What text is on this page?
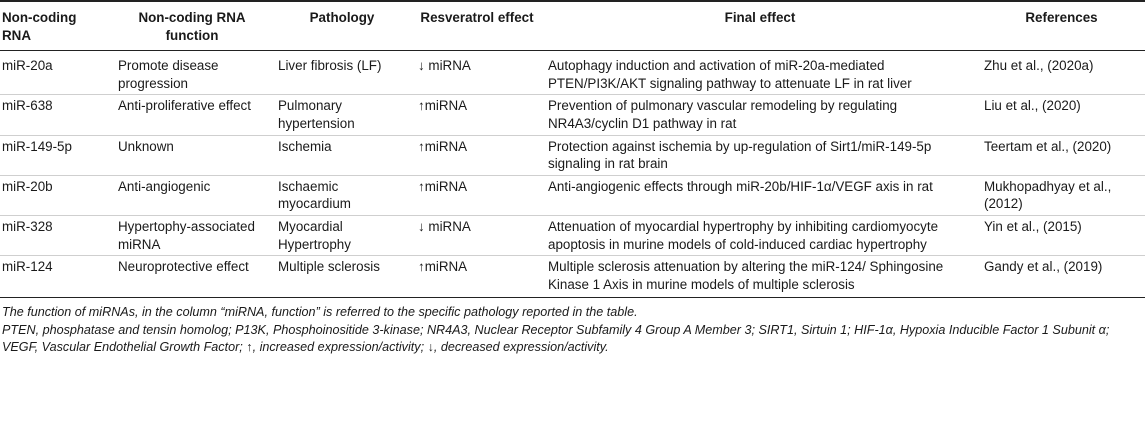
Non-coding RNA	Non-coding RNA function	Pathology	Resveratrol effect	Final effect	References
miR-20a	Promote disease progression	Liver fibrosis (LF)	↓ miRNA	Autophagy induction and activation of miR-20a-mediated PTEN/PI3K/AKT signaling pathway to attenuate LF in rat liver	Zhu et al., (2020a)
miR-638	Anti-proliferative effect	Pulmonary hypertension	↑miRNA	Prevention of pulmonary vascular remodeling by regulating NR4A3/cyclin D1 pathway in rat	Liu et al., (2020)
miR-149-5p	Unknown	Ischemia	↑miRNA	Protection against ischemia by up-regulation of Sirt1/miR-149-5p signaling in rat brain	Teertam et al., (2020)
miR-20b	Anti-angiogenic	Ischaemic myocardium	↑miRNA	Anti-angiogenic effects through miR-20b/HIF-1α/VEGF axis in rat	Mukhopadhyay et al., (2012)
miR-328	Hypertophy-associated miRNA	Myocardial Hypertrophy	↓ miRNA	Attenuation of myocardial hypertrophy by inhibiting cardiomyocyte apoptosis in murine models of cold-induced cardiac hypertrophy	Yin et al., (2015)
miR-124	Neuroprotective effect	Multiple sclerosis	↑miRNA	Multiple sclerosis attenuation by altering the miR-124/ Sphingosine Kinase 1 Axis in murine models of multiple sclerosis	Gandy et al., (2019)

The function of miRNAs, in the column “miRNA, function” is referred to the specific pathology reported in the table.

PTEN, phosphatase and tensin homolog; P13K, Phosphoinositide 3-kinase; NR4A3, Nuclear Receptor Subfamily 4 Group A Member 3; SIRT1, Sirtuin 1; HIF-1α, Hypoxia Inducible Factor 1 Subunit α; VEGF, Vascular Endothelial Growth Factor; ↑, increased expression/activity; ↓, decreased expression/activity.
